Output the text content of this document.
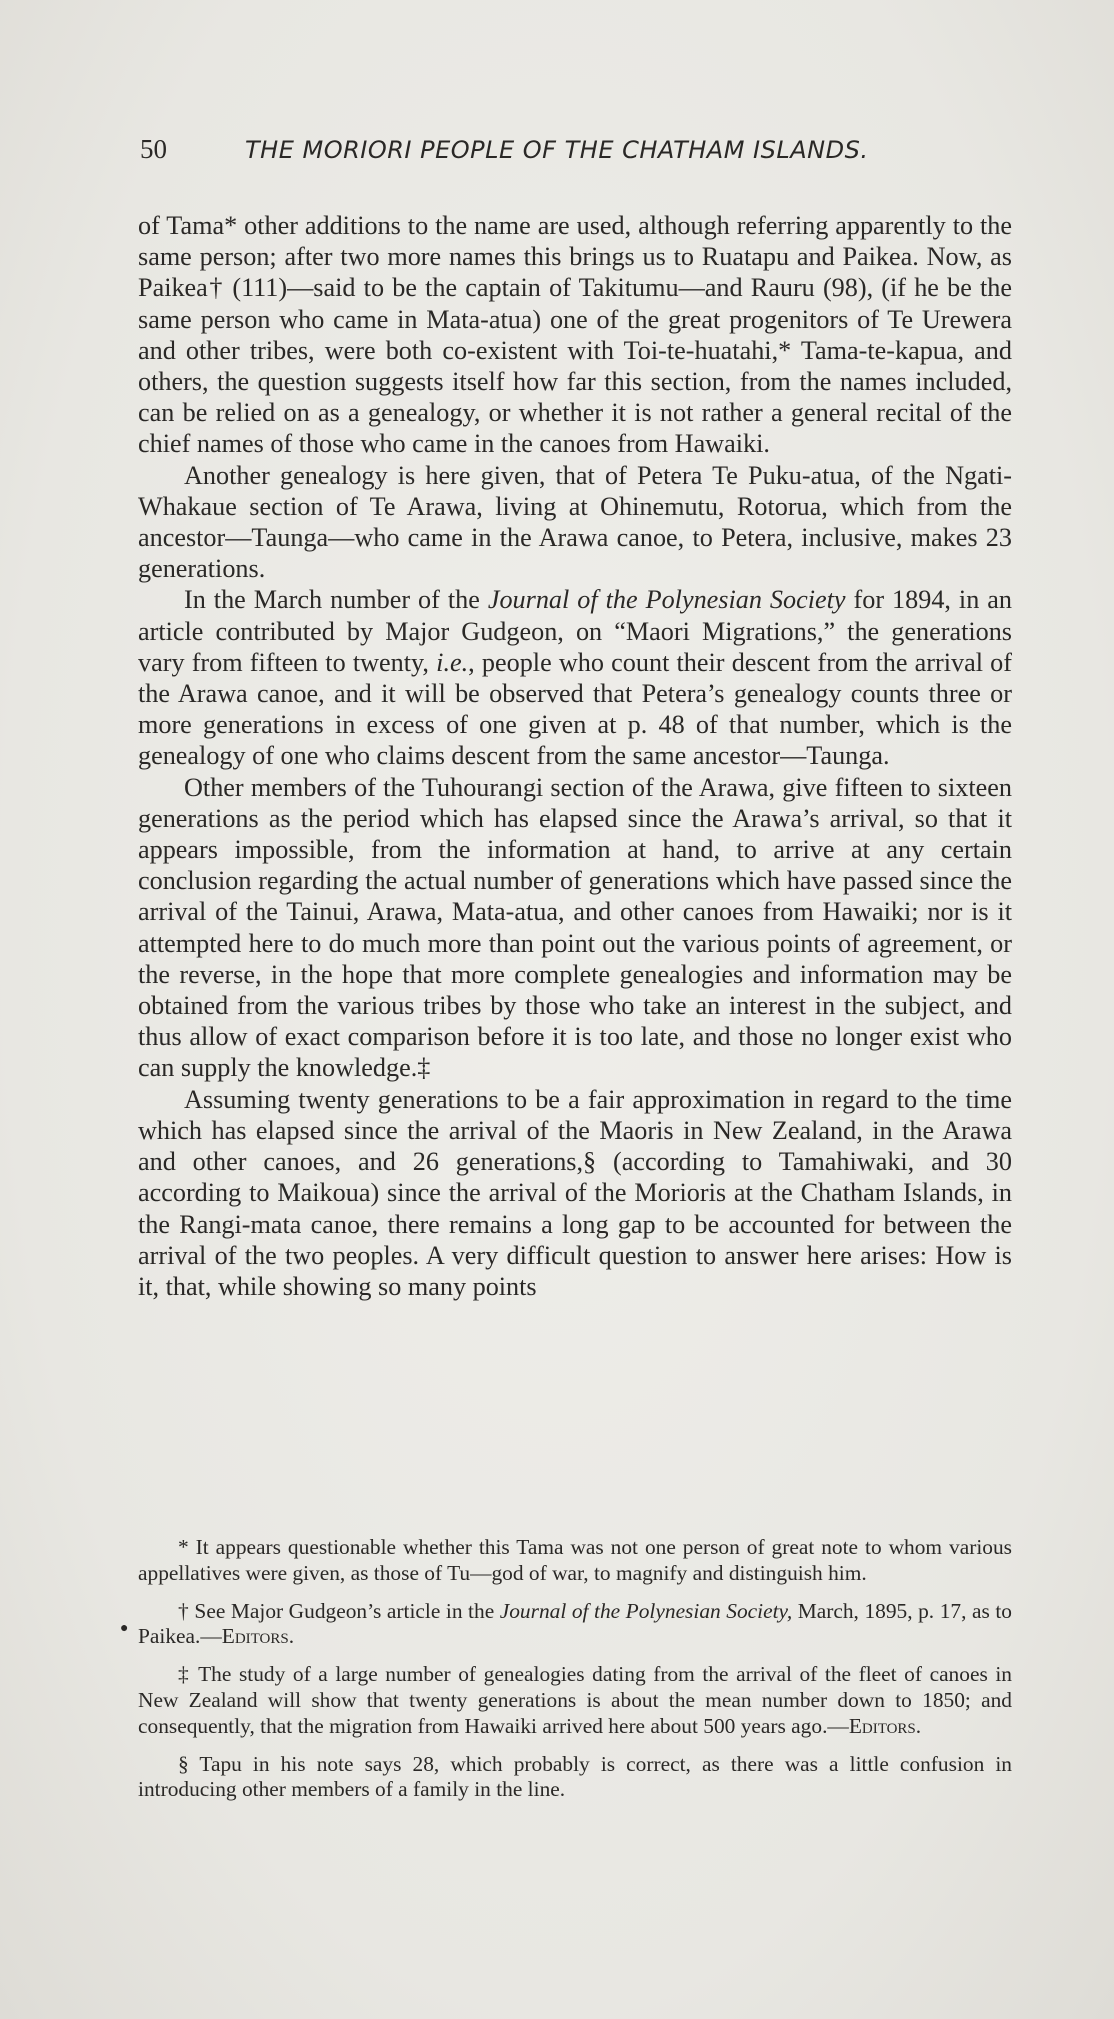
50	THE MORIORI PEOPLE OF THE CHATHAM ISLANDS.

of Tama* other additions to the name are used, although referring apparently to the same person; after two more names this brings us to Ruatapu and Paikea. Now, as Paikea† (111)—said to be the captain of Takitumu—and Rauru (98), (if he be the same person who came in Mata-atua) one of the great progenitors of Te Urewera and other tribes, were both co-existent with Toi-te-huatahi,* Tama-te-kapua, and others, the question suggests itself how far this section, from the names included, can be relied on as a genealogy, or whether it is not rather a general recital of the chief names of those who came in the canoes from Hawaiki.

Another genealogy is here given, that of Petera Te Puku-atua, of the Ngati-Whakaue section of Te Arawa, living at Ohinemutu, Rotorua, which from the ancestor—Taunga—who came in the Arawa canoe, to Petera, inclusive, makes 23 generations.

In the March number of the Journal of the Polynesian Society for 1894, in an article contributed by Major Gudgeon, on “Maori Migrations,” the generations vary from fifteen to twenty, i.e., people who count their descent from the arrival of the Arawa canoe, and it will be observed that Petera’s genealogy counts three or more generations in excess of one given at p. 48 of that number, which is the genealogy of one who claims descent from the same ancestor—Taunga.

Other members of the Tuhourangi section of the Arawa, give fifteen to sixteen generations as the period which has elapsed since the Arawa’s arrival, so that it appears impossible, from the information at hand, to arrive at any certain conclusion regarding the actual number of generations which have passed since the arrival of the Tainui, Arawa, Mata-atua, and other canoes from Hawaiki; nor is it attempted here to do much more than point out the various points of agreement, or the reverse, in the hope that more complete genealogies and information may be obtained from the various tribes by those who take an interest in the subject, and thus allow of exact comparison before it is too late, and those no longer exist who can supply the knowledge.‡

Assuming twenty generations to be a fair approximation in regard to the time which has elapsed since the arrival of the Maoris in New Zealand, in the Arawa and other canoes, and 26 generations,§ (according to Tamahiwaki, and 30 according to Maikoua) since the arrival of the Morioris at the Chatham Islands, in the Rangi-mata canoe, there remains a long gap to be accounted for between the arrival of the two peoples. A very difficult question to answer here arises: How is it, that, while showing so many points

●

* It appears questionable whether this Tama was not one person of great note to whom various appellatives were given, as those of Tu—god of war, to magnify and distinguish him.

† See Major Gudgeon’s article in the Journal of the Polynesian Society, March, 1895, p. 17, as to Paikea.—Editors.

‡ The study of a large number of genealogies dating from the arrival of the fleet of canoes in New Zealand will show that twenty generations is about the mean number down to 1850; and consequently, that the migration from Hawaiki arrived here about 500 years ago.—Editors.

§ Tapu in his note says 28, which probably is correct, as there was a little confusion in introducing other members of a family in the line.
